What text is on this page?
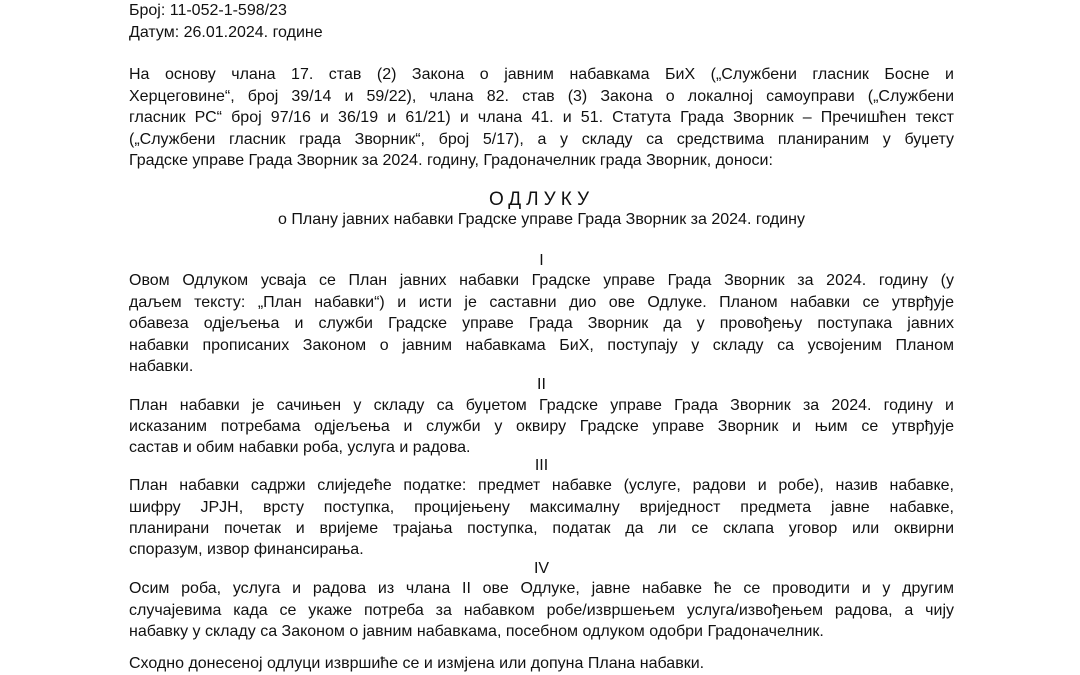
Број: 11-052-1-598/23
Датум: 26.01.2024. године
На основу члана 17. став (2) Закона о јавним набавкама БиХ („Службени гласник Босне и
Херцеговине“, број 39/14 и 59/22), члана 82. став (3) Закона о локалној самоуправи („Службени
гласник РС“ број 97/16 и 36/19 и 61/21) и члана 41. и 51. Статута Града Зворник – Пречишћен текст
(„Службени гласник града Зворник“, број 5/17), а у складу са средствима планираним у буџету
Градске управе Града Зворник за 2024. годину, Градоначелник града Зворник, доноси:
ОДЛУКУ
о Плану јавних набавки Градске управе Града Зворник за 2024. годину
I
Овом Одлуком усваја се План јавних набавки Градске управе Града Зворник за 2024. годину (у
даљем тексту: „План набавки“) и исти је саставни дио ове Одлуке. Планом набавки се утврђује
обавеза одјељења и служби Градске управе Града Зворник да у провођењу поступака јавних
набавки прописаних Законом о јавним набавкама БиХ, поступају у складу са усвојеним Планом
набавки.
II
План набавки је сачињен у складу са буџетом Градске управе Града Зворник за 2024. годину и
исказаним потребама одјељења и служби у оквиру Градске управе Зворник и њим се утврђује
састав и обим набавки роба, услуга и радова.
III
План набавки садржи слиједеће податке: предмет набавке (услуге, радови и робе), назив набавке,
шифру ЈРЈН, врсту поступка, процијењену максималну вриједност предмета јавне набавке,
планирани почетак и вријеме трајања поступка, податак да ли се склапа уговор или оквирни
споразум, извор финансирања.
IV
Осим роба, услуга и радова из члана II ове Одлуке, јавне набавке ће се проводити и у другим
случајевима када се укаже потреба за набавком робе/извршењем услуга/извођењем радова, а чију
набавку у складу са Законом о јавним набавкама, посебном одлуком одобри Градоначелник.
Сходно донесеној одлуци извршиће се и измјена или допуна Плана набавки.
